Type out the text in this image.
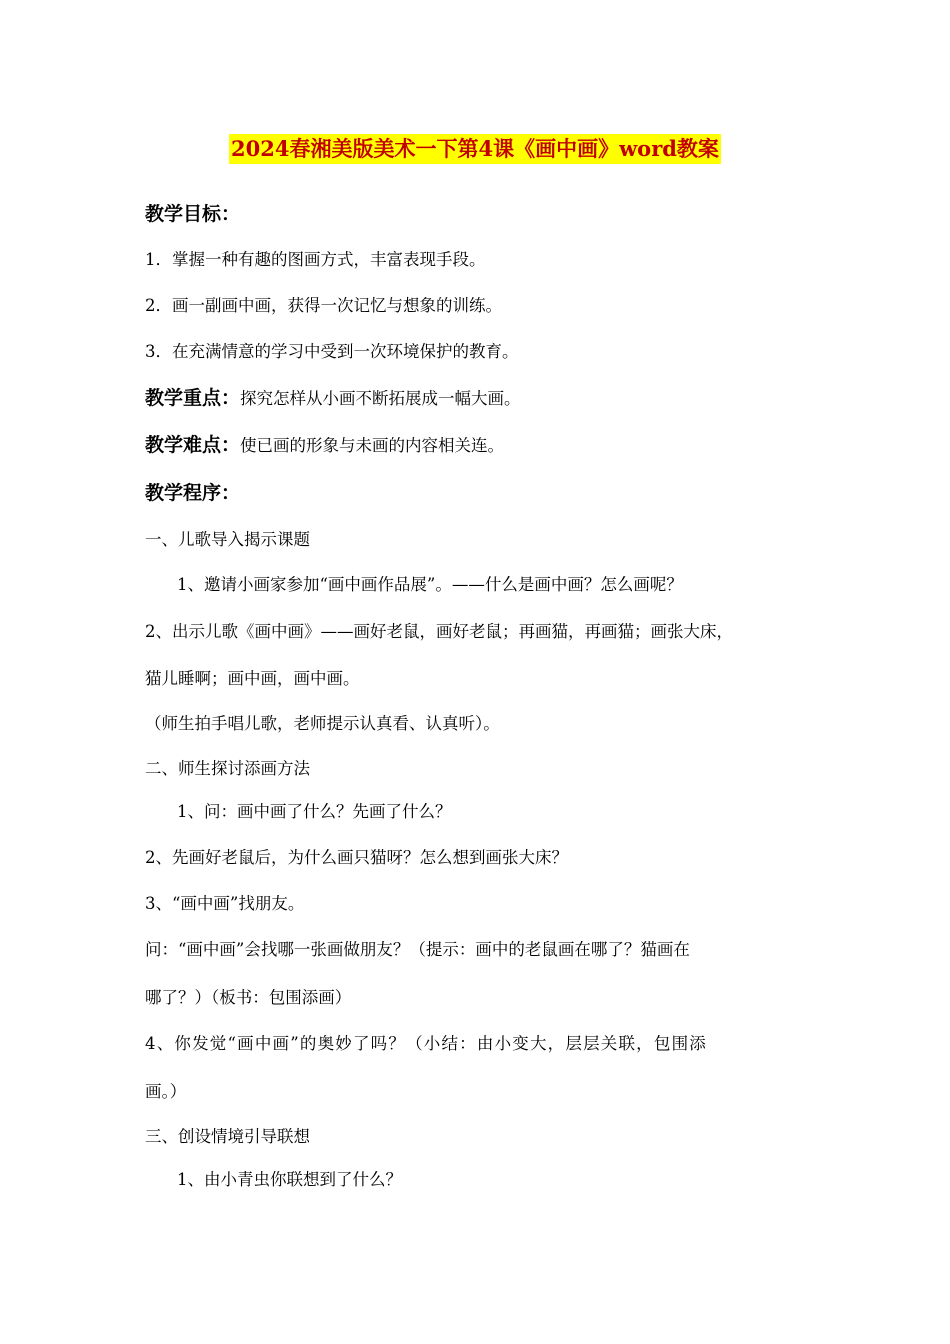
2024春湘美版美术一下第4课《画中画》word教案
教学目标：
1．掌握一种有趣的图画方式，丰富表现手段。
2．画一副画中画，获得一次记忆与想象的训练。
3．在充满情意的学习中受到一次环境保护的教育。
教学重点：探究怎样从小画不断拓展成一幅大画。
教学难点：使已画的形象与未画的内容相关连。
教学程序：
一、儿歌导入揭示课题
1、邀请小画家参加“画中画作品展”。——什么是画中画？怎么画呢？
2、出示儿歌《画中画》——画好老鼠，画好老鼠；再画猫，再画猫；画张大床，
猫儿睡啊；画中画，画中画。
（师生拍手唱儿歌，老师提示认真看、认真听）。
二、师生探讨添画方法
1、问：画中画了什么？先画了什么？
2、先画好老鼠后，为什么画只猫呀？怎么想到画张大床？
3、“画中画”找朋友。
问：“画中画”会找哪一张画做朋友？（提示：画中的老鼠画在哪了？猫画在
哪了？）（板书：包围添画）
4、你发觉“画中画”的奥妙了吗？（小结：由小变大，层层关联，包围添
画。）
三、创设情境引导联想
1、由小青虫你联想到了什么？
